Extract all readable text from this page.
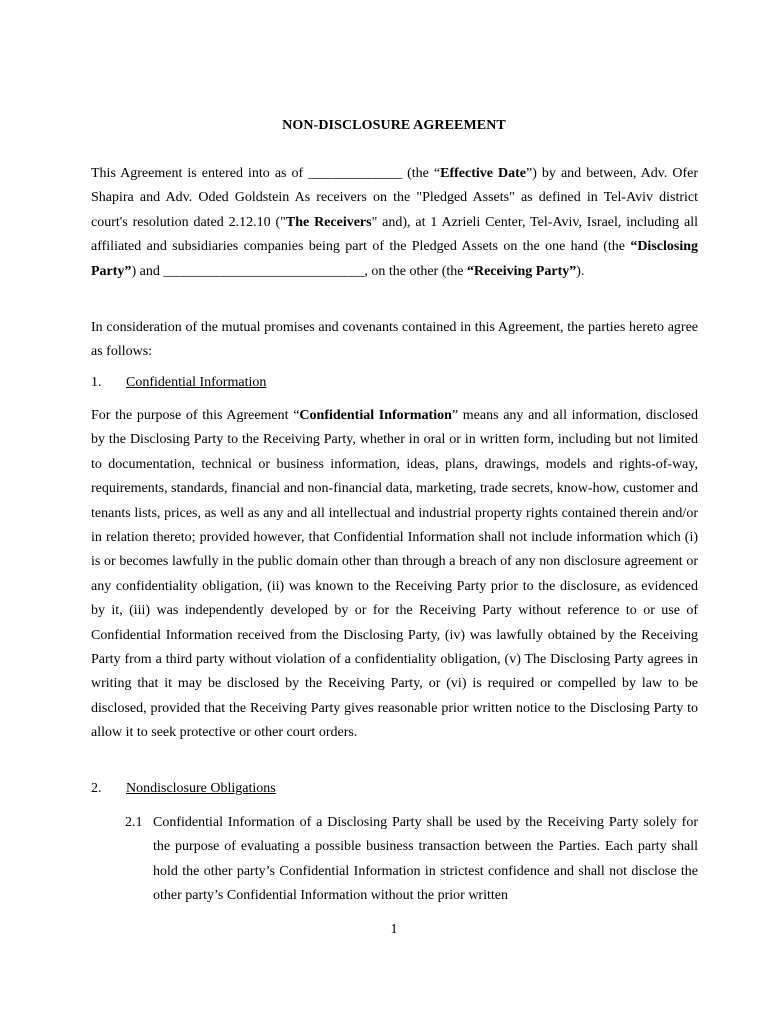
NON-DISCLOSURE AGREEMENT
This Agreement is entered into as of ______________ (the “Effective Date”) by and between, Adv. Ofer Shapira and Adv. Oded Goldstein As receivers on the "Pledged Assets" as defined in Tel-Aviv district court's resolution dated 2.12.10 ("The Receivers" and), at 1 Azrieli Center, Tel-Aviv, Israel, including all affiliated and subsidiaries companies being part of the Pledged Assets on the one hand (the “Disclosing Party”) and ______________________________, on the other (the “Receiving Party”).
In consideration of the mutual promises and covenants contained in this Agreement, the parties hereto agree as follows:
1. Confidential Information
For the purpose of this Agreement “Confidential Information” means any and all information, disclosed by the Disclosing Party to the Receiving Party, whether in oral or in written form, including but not limited to documentation, technical or business information, ideas, plans, drawings, models and rights-of-way, requirements, standards, financial and non-financial data, marketing, trade secrets, know-how, customer and tenants lists, prices, as well as any and all intellectual and industrial property rights contained therein and/or in relation thereto; provided however, that Confidential Information shall not include information which (i) is or becomes lawfully in the public domain other than through a breach of any non disclosure agreement or any confidentiality obligation, (ii) was known to the Receiving Party prior to the disclosure, as evidenced by it, (iii) was independently developed by or for the Receiving Party without reference to or use of Confidential Information received from the Disclosing Party, (iv) was lawfully obtained by the Receiving Party from a third party without violation of a confidentiality obligation, (v) The Disclosing Party agrees in writing that it may be disclosed by the Receiving Party, or (vi) is required or compelled by law to be disclosed, provided that the Receiving Party gives reasonable prior written notice to the Disclosing Party to allow it to seek protective or other court orders.
2. Nondisclosure Obligations
2.1 Confidential Information of a Disclosing Party shall be used by the Receiving Party solely for the purpose of evaluating a possible business transaction between the Parties. Each party shall hold the other party’s Confidential Information in strictest confidence and shall not disclose the other party’s Confidential Information without the prior written
1
